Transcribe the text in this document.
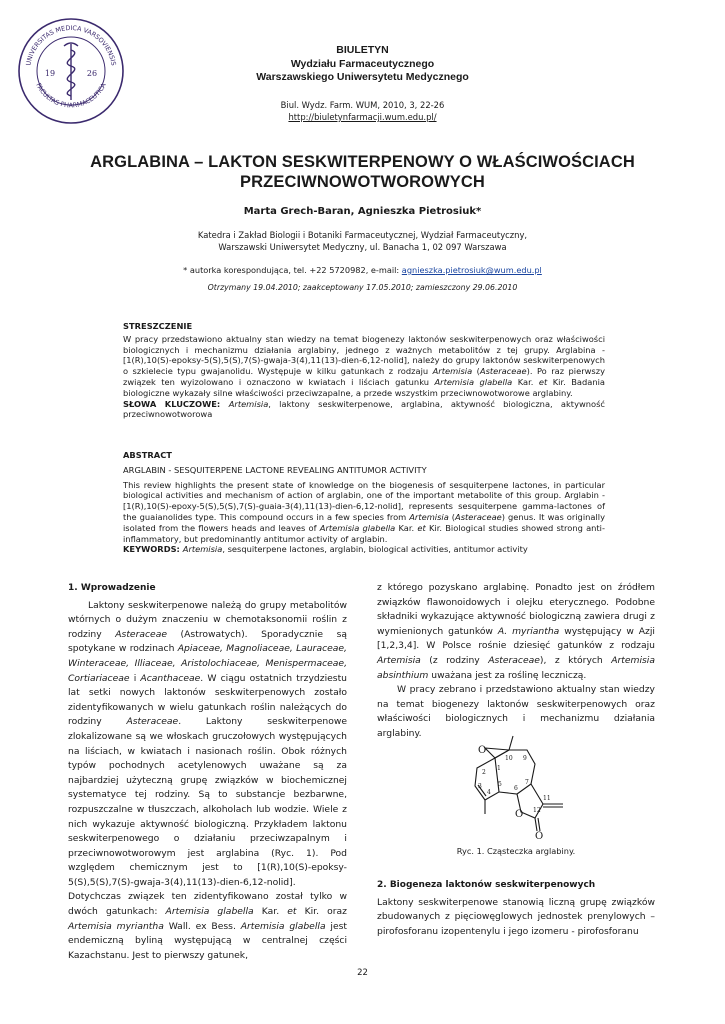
UNIVERSITAS MEDICA VARSOVIENSIS
FACULTAS PHARMACEUTICA
19	26
BIULETYN
Wydziału Farmaceutycznego
Warszawskiego Uniwersytetu Medycznego
Biul. Wydz. Farm. WUM, 2010, 3, 22-26
http://biuletynfarmacji.wum.edu.pl/
ARGLABINA – LAKTON SESKWITERPENOWY O WŁAŚCIWOŚCIACH
PRZECIWNOWOTWOROWYCH
Marta Grech-Baran, Agnieszka Pietrosiuk*
Katedra i Zakład Biologii i Botaniki Farmaceutycznej, Wydział Farmaceutyczny,
Warszawski Uniwersytet Medyczny, ul. Banacha 1, 02 097 Warszawa
* autorka korespondująca, tel. +22 5720982, e-mail: agnieszka.pietrosiuk@wum.edu.pl
Otrzymany 19.04.2010; zaakceptowany 17.05.2010; zamieszczony 29.06.2010
STRESZCZENIE
W pracy przedstawiono aktualny stan wiedzy na temat biogenezy laktonów seskwiterpenowych oraz właściwości biologicznych i mechanizmu działania arglabiny, jednego z ważnych metabolitów z tej grupy. Arglabina - [1(R),10(S)-epoksy-5(S),5(S),7(S)-gwaja-3(4),11(13)-dien-6,12-nolid], należy do grupy laktonów seskwiterpenowych o szkielecie typu gwajanolidu. Występuje w kilku gatunkach z rodzaju Artemisia (Asteraceae). Po raz pierwszy związek ten wyizolowano i oznaczono w kwiatach i liściach gatunku Artemisia glabella Kar. et Kir. Badania biologiczne wykazały silne właściwości przeciwzapalne, a przede wszystkim przeciwnowotworowe arglabiny.
SŁOWA KLUCZOWE: Artemisia, laktony seskwiterpenowe, arglabina, aktywność biologiczna, aktywność przeciwnowotworowa
ABSTRACT
ARGLABIN - SESQUITERPENE LACTONE REVEALING ANTITUMOR ACTIVITY
This review highlights the present state of knowledge on the biogenesis of sesquiterpene lactones, in particular biological activities and mechanism of action of arglabin, one of the important metabolite of this group. Arglabin - [1(R),10(S)-epoxy-5(S),5(S),7(S)-guaia-3(4),11(13)-dien-6,12-nolid], represents sesquiterpene gamma-lactones of the guaianolides type. This compound occurs in a few species from Artemisia (Asteraceae) genus. It was originally isolated from the flowers heads and leaves of Artemisia glabella Kar. et Kir. Biological studies showed strong anti-inflammatory, but predominantly antitumor activity of arglabin.
KEYWORDS: Artemisia, sesquiterpene lactones, arglabin, biological activities, antitumor activity
1. Wprowadzenie

Laktony seskwiterpenowe należą do grupy metabolitów wtórnych o dużym znaczeniu w chemotaksonomii roślin z rodziny Asteraceae (Astrowatych). Sporadycznie są spotykane w rodzinach Apiaceae, Magnoliaceae, Lauraceae, Winteraceae, Illiaceae, Aristolochiaceae, Menispermaceae, Cortiariaceae i Acanthaceae. W ciągu ostatnich trzydziestu lat setki nowych laktonów seskwiterpenowych zostało zidentyfikowanych w wielu gatunkach roślin należących do rodziny Asteraceae. Laktony seskwiterpenowe zlokalizowane są we włoskach gruczołowych występujących na liściach, w kwiatach i nasionach roślin. Obok różnych typów pochodnych acetylenowych uważane są za najbardziej użyteczną grupę związków w biochemicznej systematyce tej rodziny. Są to substancje bezbarwne, rozpuszczalne w tłuszczach, alkoholach lub wodzie. Wiele z nich wykazuje aktywność biologiczną. Przykładem laktonu seskwiterpenowego o działaniu przeciwzapalnym i przeciwnowotworowym jest arglabina (Ryc. 1). Pod względem chemicznym jest to [1(R),10(S)-epoksy-5(S),5(S),7(S)-gwaja-3(4),11(13)-dien-6,12-nolid]. Dotychczas związek ten zidentyfikowano został tylko w dwóch gatunkach: Artemisia glabella Kar. et Kir. oraz Artemisia myriantha Wall. ex Bess. Artemisia glabella jest endemiczną byliną występującą w centralnej części Kazachstanu. Jest to pierwszy gatunek,

z którego pozyskano arglabinę. Ponadto jest on źródłem związków flawonoidowych i olejku eterycznego. Podobne składniki wykazujące aktywność biologiczną zawiera drugi z wymienionych gatunków A. myriantha występujący w Azji [1,2,3,4]. W Polsce rośnie dziesięć gatunków z rodzaju Artemisia (z rodziny Asteraceae), z których Artemisia absinthium uważana jest za roślinę leczniczą.

W pracy zebrano i przedstawiono aktualny stan wiedzy na temat biogenezy laktonów seskwiterpenowych oraz właściwości biologicznych i mechanizmu działania arglabiny.

O
O
O
1
2
3
4
5
6
7
9
10
11
12
Ryc. 1. Cząsteczka arglabiny.
2. Biogeneza laktonów seskwiterpenowych

Laktony seskwiterpenowe stanowią liczną grupę związków zbudowanych z pięciowęglowych jednostek prenylowych – pirofosforanu izopentenylu i jego izomeru - pirofosforanu

22
